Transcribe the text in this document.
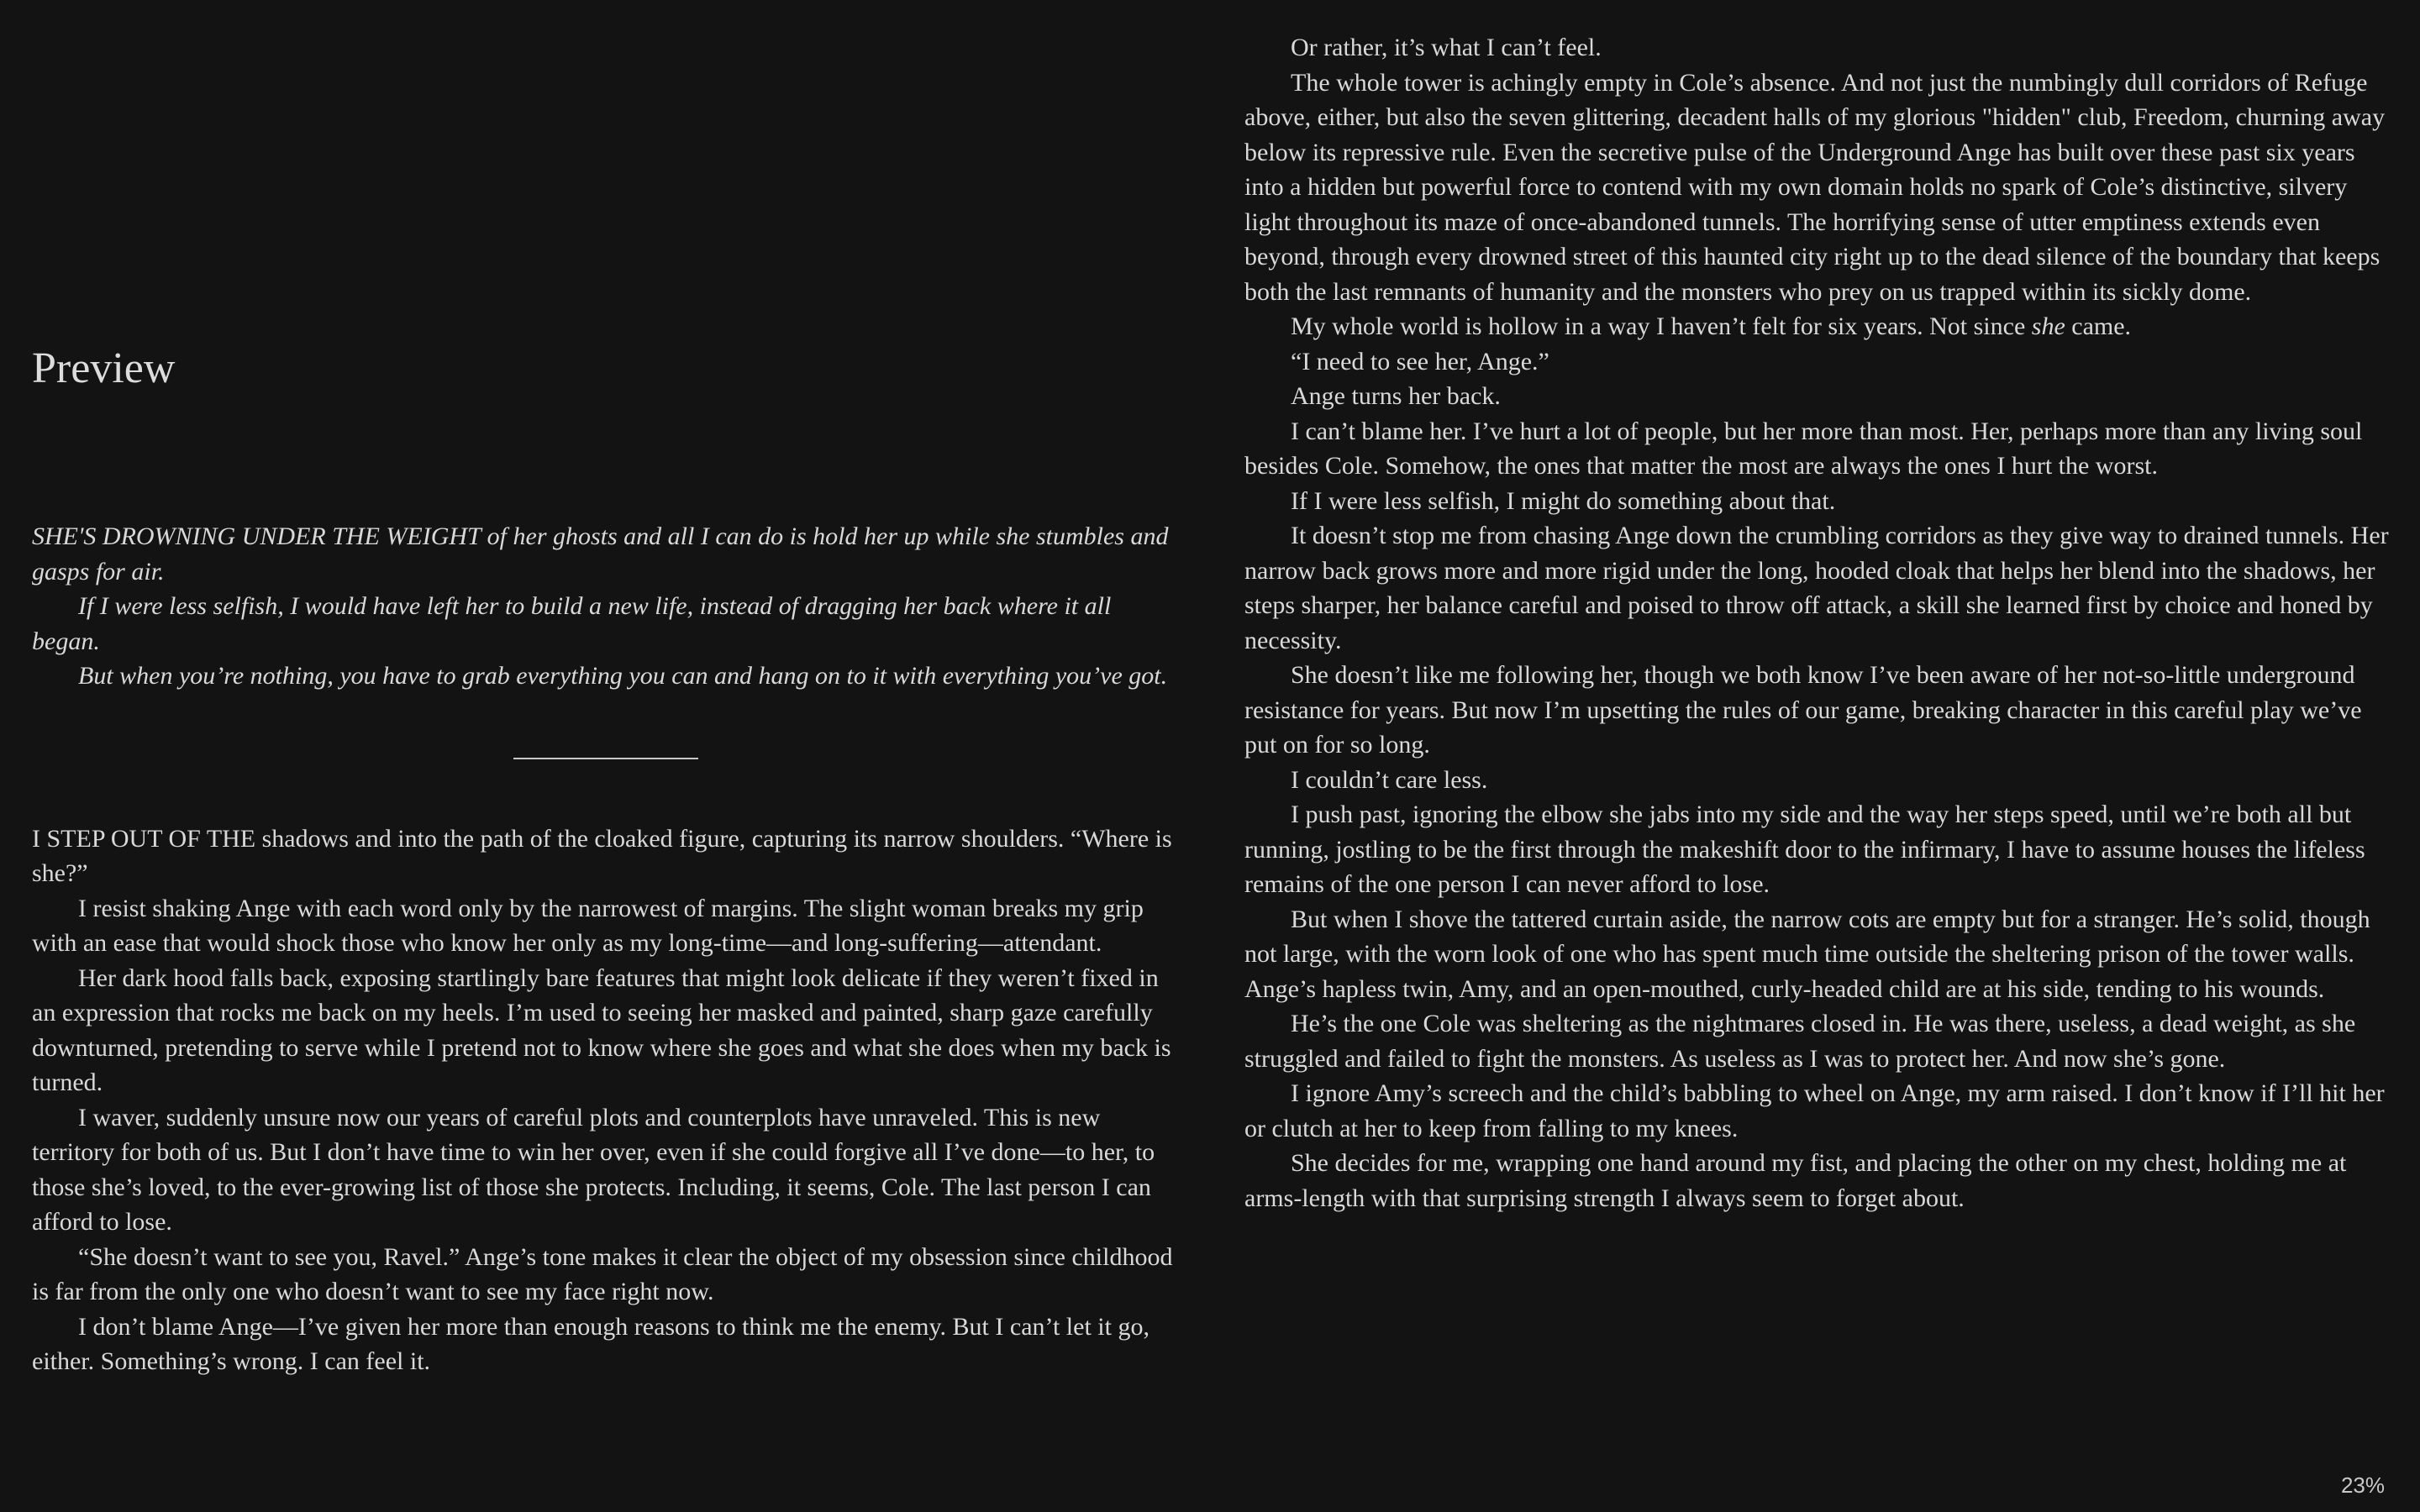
Preview

SHE'S DROWNING UNDER THE WEIGHT of her ghosts and all I can do is hold her up while she stumbles and gasps for air.

If I were less selfish, I would have left her to build a new life, instead of dragging her back where it all began.

But when you’re nothing, you have to grab everything you can and hang on to it with everything you’ve got.

I STEP OUT OF THE shadows and into the path of the cloaked figure, capturing its narrow shoulders. “Where is she?”

I resist shaking Ange with each word only by the narrowest of margins. The slight woman breaks my grip with an ease that would shock those who know her only as my long-time—and long-suffering—attendant.

Her dark hood falls back, exposing startlingly bare features that might look delicate if they weren’t fixed in an expression that rocks me back on my heels. I’m used to seeing her masked and painted, sharp gaze carefully downturned, pretending to serve while I pretend not to know where she goes and what she does when my back is turned.

I waver, suddenly unsure now our years of careful plots and counterplots have unraveled. This is new territory for both of us. But I don’t have time to win her over, even if she could forgive all I’ve done—to her, to those she’s loved, to the ever-growing list of those she protects. Including, it seems, Cole. The last person I can afford to lose.

“She doesn’t want to see you, Ravel.” Ange’s tone makes it clear the object of my obsession since childhood is far from the only one who doesn’t want to see my face right now.

I don’t blame Ange—I’ve given her more than enough reasons to think me the enemy. But I can’t let it go, either. Something’s wrong. I can feel it.

Or rather, it’s what I can’t feel.

The whole tower is achingly empty in Cole’s absence. And not just the numbingly dull corridors of Refuge above, either, but also the seven glittering, decadent halls of my glorious "hidden" club, Freedom, churning away below its repressive rule. Even the secretive pulse of the Underground Ange has built over these past six years into a hidden but powerful force to contend with my own domain holds no spark of Cole’s distinctive, silvery light throughout its maze of once-abandoned tunnels. The horrifying sense of utter emptiness extends even beyond, through every drowned street of this haunted city right up to the dead silence of the boundary that keeps both the last remnants of humanity and the monsters who prey on us trapped within its sickly dome.

My whole world is hollow in a way I haven’t felt for six years. Not since she came.

“I need to see her, Ange.”

Ange turns her back.

I can’t blame her. I’ve hurt a lot of people, but her more than most. Her, perhaps more than any living soul besides Cole. Somehow, the ones that matter the most are always the ones I hurt the worst.

If I were less selfish, I might do something about that.

It doesn’t stop me from chasing Ange down the crumbling corridors as they give way to drained tunnels. Her narrow back grows more and more rigid under the long, hooded cloak that helps her blend into the shadows, her steps sharper, her balance careful and poised to throw off attack, a skill she learned first by choice and honed by necessity.

She doesn’t like me following her, though we both know I’ve been aware of her not-so-little underground resistance for years. But now I’m upsetting the rules of our game, breaking character in this careful play we’ve put on for so long.

I couldn’t care less.

I push past, ignoring the elbow she jabs into my side and the way her steps speed, until we’re both all but running, jostling to be the first through the makeshift door to the infirmary, I have to assume houses the lifeless remains of the one person I can never afford to lose.

But when I shove the tattered curtain aside, the narrow cots are empty but for a stranger. He’s solid, though not large, with the worn look of one who has spent much time outside the sheltering prison of the tower walls. Ange’s hapless twin, Amy, and an open-mouthed, curly-headed child are at his side, tending to his wounds.

He’s the one Cole was sheltering as the nightmares closed in. He was there, useless, a dead weight, as she struggled and failed to fight the monsters. As useless as I was to protect her. And now she’s gone.

I ignore Amy’s screech and the child’s babbling to wheel on Ange, my arm raised. I don’t know if I’ll hit her or clutch at her to keep from falling to my knees.

She decides for me, wrapping one hand around my fist, and placing the other on my chest, holding me at arms-length with that surprising strength I always seem to forget about.

23%
